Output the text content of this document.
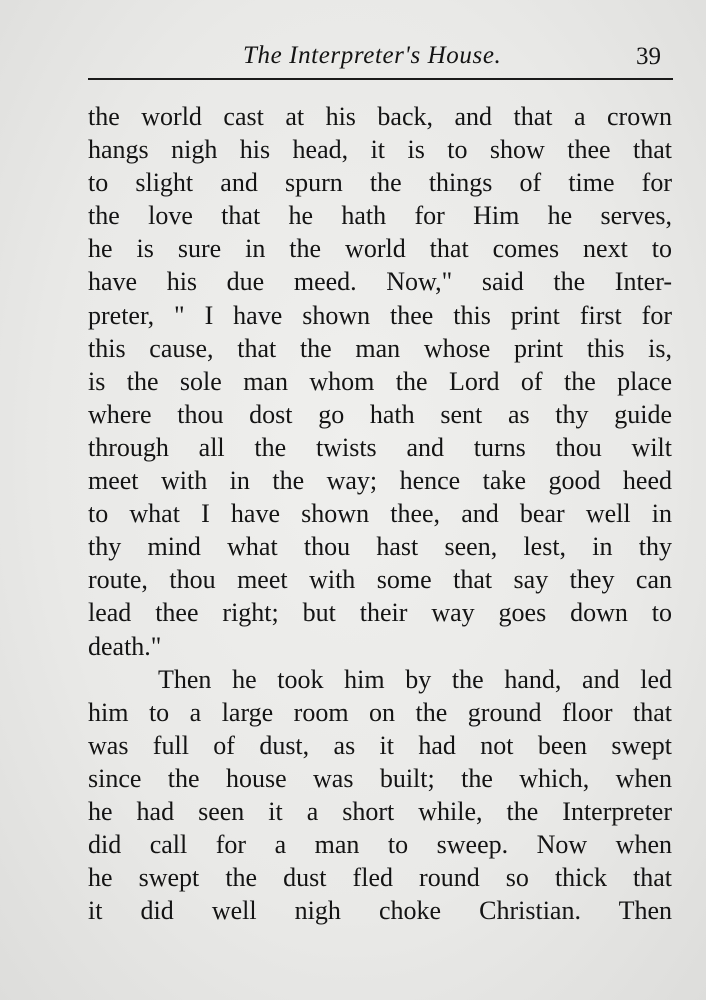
The Interpreter's House.	39
the world cast at his back, and that a crown
hangs nigh his head, it is to show thee that
to slight and spurn the things of time for
the love that he hath for Him he serves,
he is sure in the world that comes next to
have his due meed. Now," said the Inter-
preter, " I have shown thee this print first for
this cause, that the man whose print this is,
is the sole man whom the Lord of the place
where thou dost go hath sent as thy guide
through all the twists and turns thou wilt
meet with in the way; hence take good heed
to what I have shown thee, and bear well in
thy mind what thou hast seen, lest, in thy
route, thou meet with some that say they can
lead thee right; but their way goes down to
death."
Then he took him by the hand, and led
him to a large room on the ground floor that
was full of dust, as it had not been swept
since the house was built; the which, when
he had seen it a short while, the Interpreter
did call for a man to sweep. Now when
he swept the dust fled round so thick that
it did well nigh choke Christian. Then
